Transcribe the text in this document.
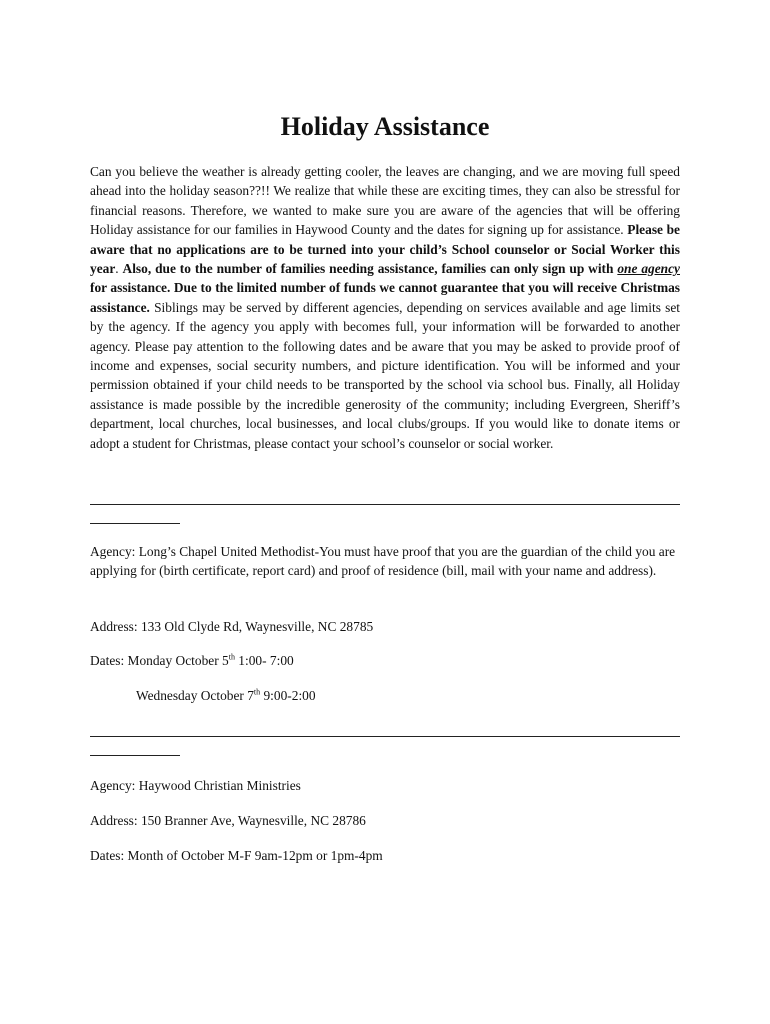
Holiday Assistance

Can you believe the weather is already getting cooler, the leaves are changing, and we are moving full speed ahead into the holiday season??!! We realize that while these are exciting times, they can also be stressful for financial reasons. Therefore, we wanted to make sure you are aware of the agencies that will be offering Holiday assistance for our families in Haywood County and the dates for signing up for assistance. Please be aware that no applications are to be turned into your child’s School counselor or Social Worker this year. Also, due to the number of families needing assistance, families can only sign up with one agency for assistance. Due to the limited number of funds we cannot guarantee that you will receive Christmas assistance. Siblings may be served by different agencies, depending on services available and age limits set by the agency. If the agency you apply with becomes full, your information will be forwarded to another agency. Please pay attention to the following dates and be aware that you may be asked to provide proof of income and expenses, social security numbers, and picture identification. You will be informed and your permission obtained if your child needs to be transported by the school via school bus. Finally, all Holiday assistance is made possible by the incredible generosity of the community; including Evergreen, Sheriff’s department, local churches, local businesses, and local clubs/groups. If you would like to donate items or adopt a student for Christmas, please contact your school’s counselor or social worker.

Agency: Long’s Chapel United Methodist-You must have proof that you are the guardian of the child you are applying for (birth certificate, report card) and proof of residence (bill, mail with your name and address).

Address: 133 Old Clyde Rd, Waynesville, NC 28785

Dates: Monday October 5th 1:00- 7:00

Wednesday October 7th 9:00-2:00

Agency: Haywood Christian Ministries

Address: 150 Branner Ave, Waynesville, NC 28786

Dates: Month of October M-F 9am-12pm or 1pm-4pm
